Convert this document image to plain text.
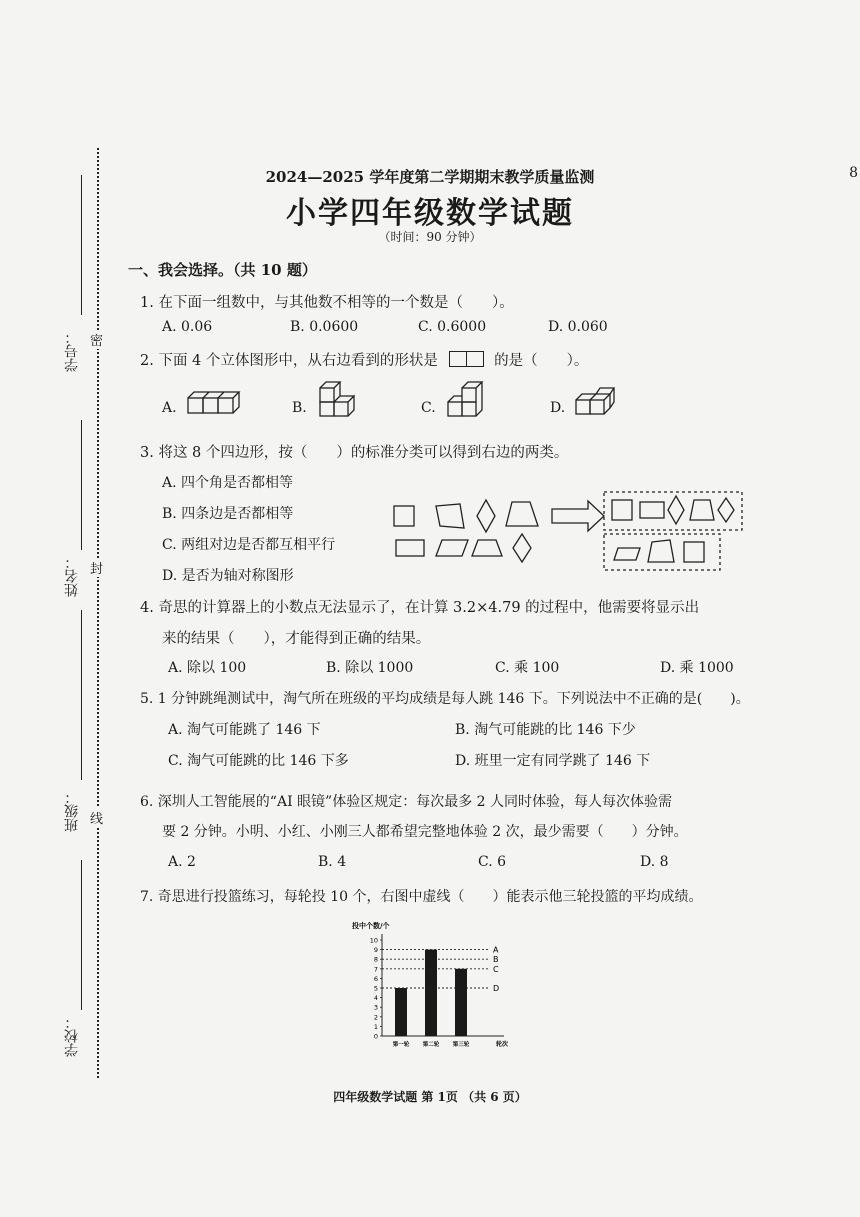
学号： 密
姓名： 封
班级： 线
学校：
8
2024—2025 学年度第二学期期末教学质量监测
小学四年级数学试题
（时间：90 分钟）
一、我会选择。（共 10 题）
1. 在下面一组数中，与其他数不相等的一个数是（　　）。
A. 0.06	B. 0.0600	C. 0.6000	D. 0.060
2. 下面 4 个立体图形中，从右边看到的形状是	的是（　　）。
A.	B.	C.	D.
3. 将这 8 个四边形，按（　　）的标准分类可以得到右边的两类。
A. 四个角是否都相等
B. 四条边是否都相等
C. 两组对边是否都互相平行
D. 是否为轴对称图形
4. 奇思的计算器上的小数点无法显示了，在计算 3.2×4.79 的过程中，他需要将显示出
来的结果（　　），才能得到正确的结果。
A. 除以 100	B. 除以 1000	C. 乘 100	D. 乘 1000
5. 1 分钟跳绳测试中，淘气所在班级的平均成绩是每人跳 146 下。下列说法中不正确的是(　　)。
A. 淘气可能跳了 146 下	B. 淘气可能跳的比 146 下少
C. 淘气可能跳的比 146 下多	D. 班里一定有同学跳了 146 下
6. 深圳人工智能展的“AI 眼镜”体验区规定：每次最多 2 人同时体验，每人每次体验需
要 2 分钟。小明、小红、小刚三人都希望完整地体验 2 次，最少需要（　　）分钟。
A. 2	B. 4	C. 6	D. 8
7. 奇思进行投篮练习，每轮投 10 个，右图中虚线（　　）能表示他三轮投篮的平均成绩。
投中个数/个
0
1
2
3
4
5
6
7
8
9
10
第一轮 第二轮 第三轮	轮次
A
B
C
D
四年级数学试题 第 1页 （共 6 页）
